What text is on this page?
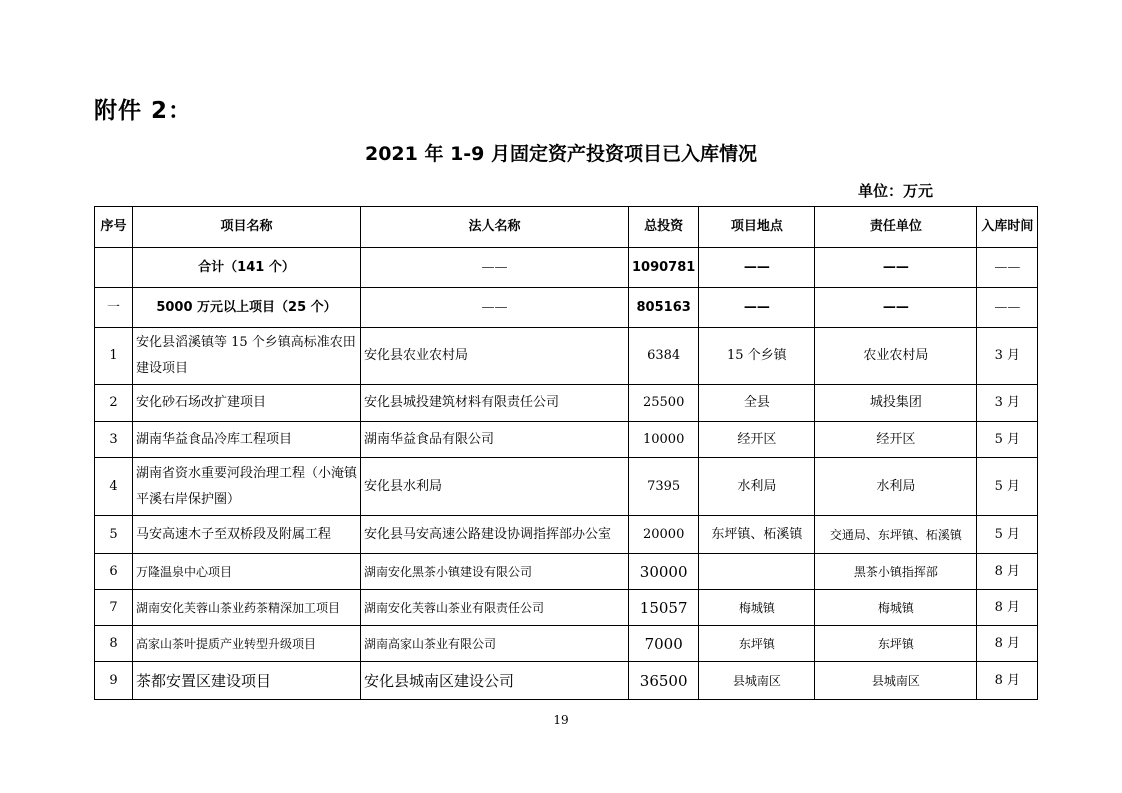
附件 2：
2021 年 1-9 月固定资产投资项目已入库情况
单位：万元
序号	项目名称	法人名称	总投资	项目地点	责任单位	入库时间
	合计（141 个）	——	1090781	——	——	——
一	5000 万元以上项目（25 个）	——	805163	——	——	——
1	安化县滔溪镇等 15 个乡镇高标准农田建设项目	安化县农业农村局	6384	15 个乡镇	农业农村局	3 月
2	安化砂石场改扩建项目	安化县城投建筑材料有限责任公司	25500	全县	城投集团	3 月
3	湖南华益食品冷库工程项目	湖南华益食品有限公司	10000	经开区	经开区	5 月
4	湖南省资水重要河段治理工程（小淹镇平溪右岸保护圈）	安化县水利局	7395	水利局	水利局	5 月
5	马安高速木子至双桥段及附属工程	安化县马安高速公路建设协调指挥部办公室	20000	东坪镇、柘溪镇	交通局、东坪镇、柘溪镇	5 月
6	万隆温泉中心项目	湖南安化黑茶小镇建设有限公司	30000		黑茶小镇指挥部	8 月
7	湖南安化芙蓉山茶业药茶精深加工项目	湖南安化芙蓉山茶业有限责任公司	15057	梅城镇	梅城镇	8 月
8	高家山茶叶提质产业转型升级项目	湖南高家山茶业有限公司	7000	东坪镇	东坪镇	8 月
9	茶都安置区建设项目	安化县城南区建设公司	36500	县城南区	县城南区	8 月
19
